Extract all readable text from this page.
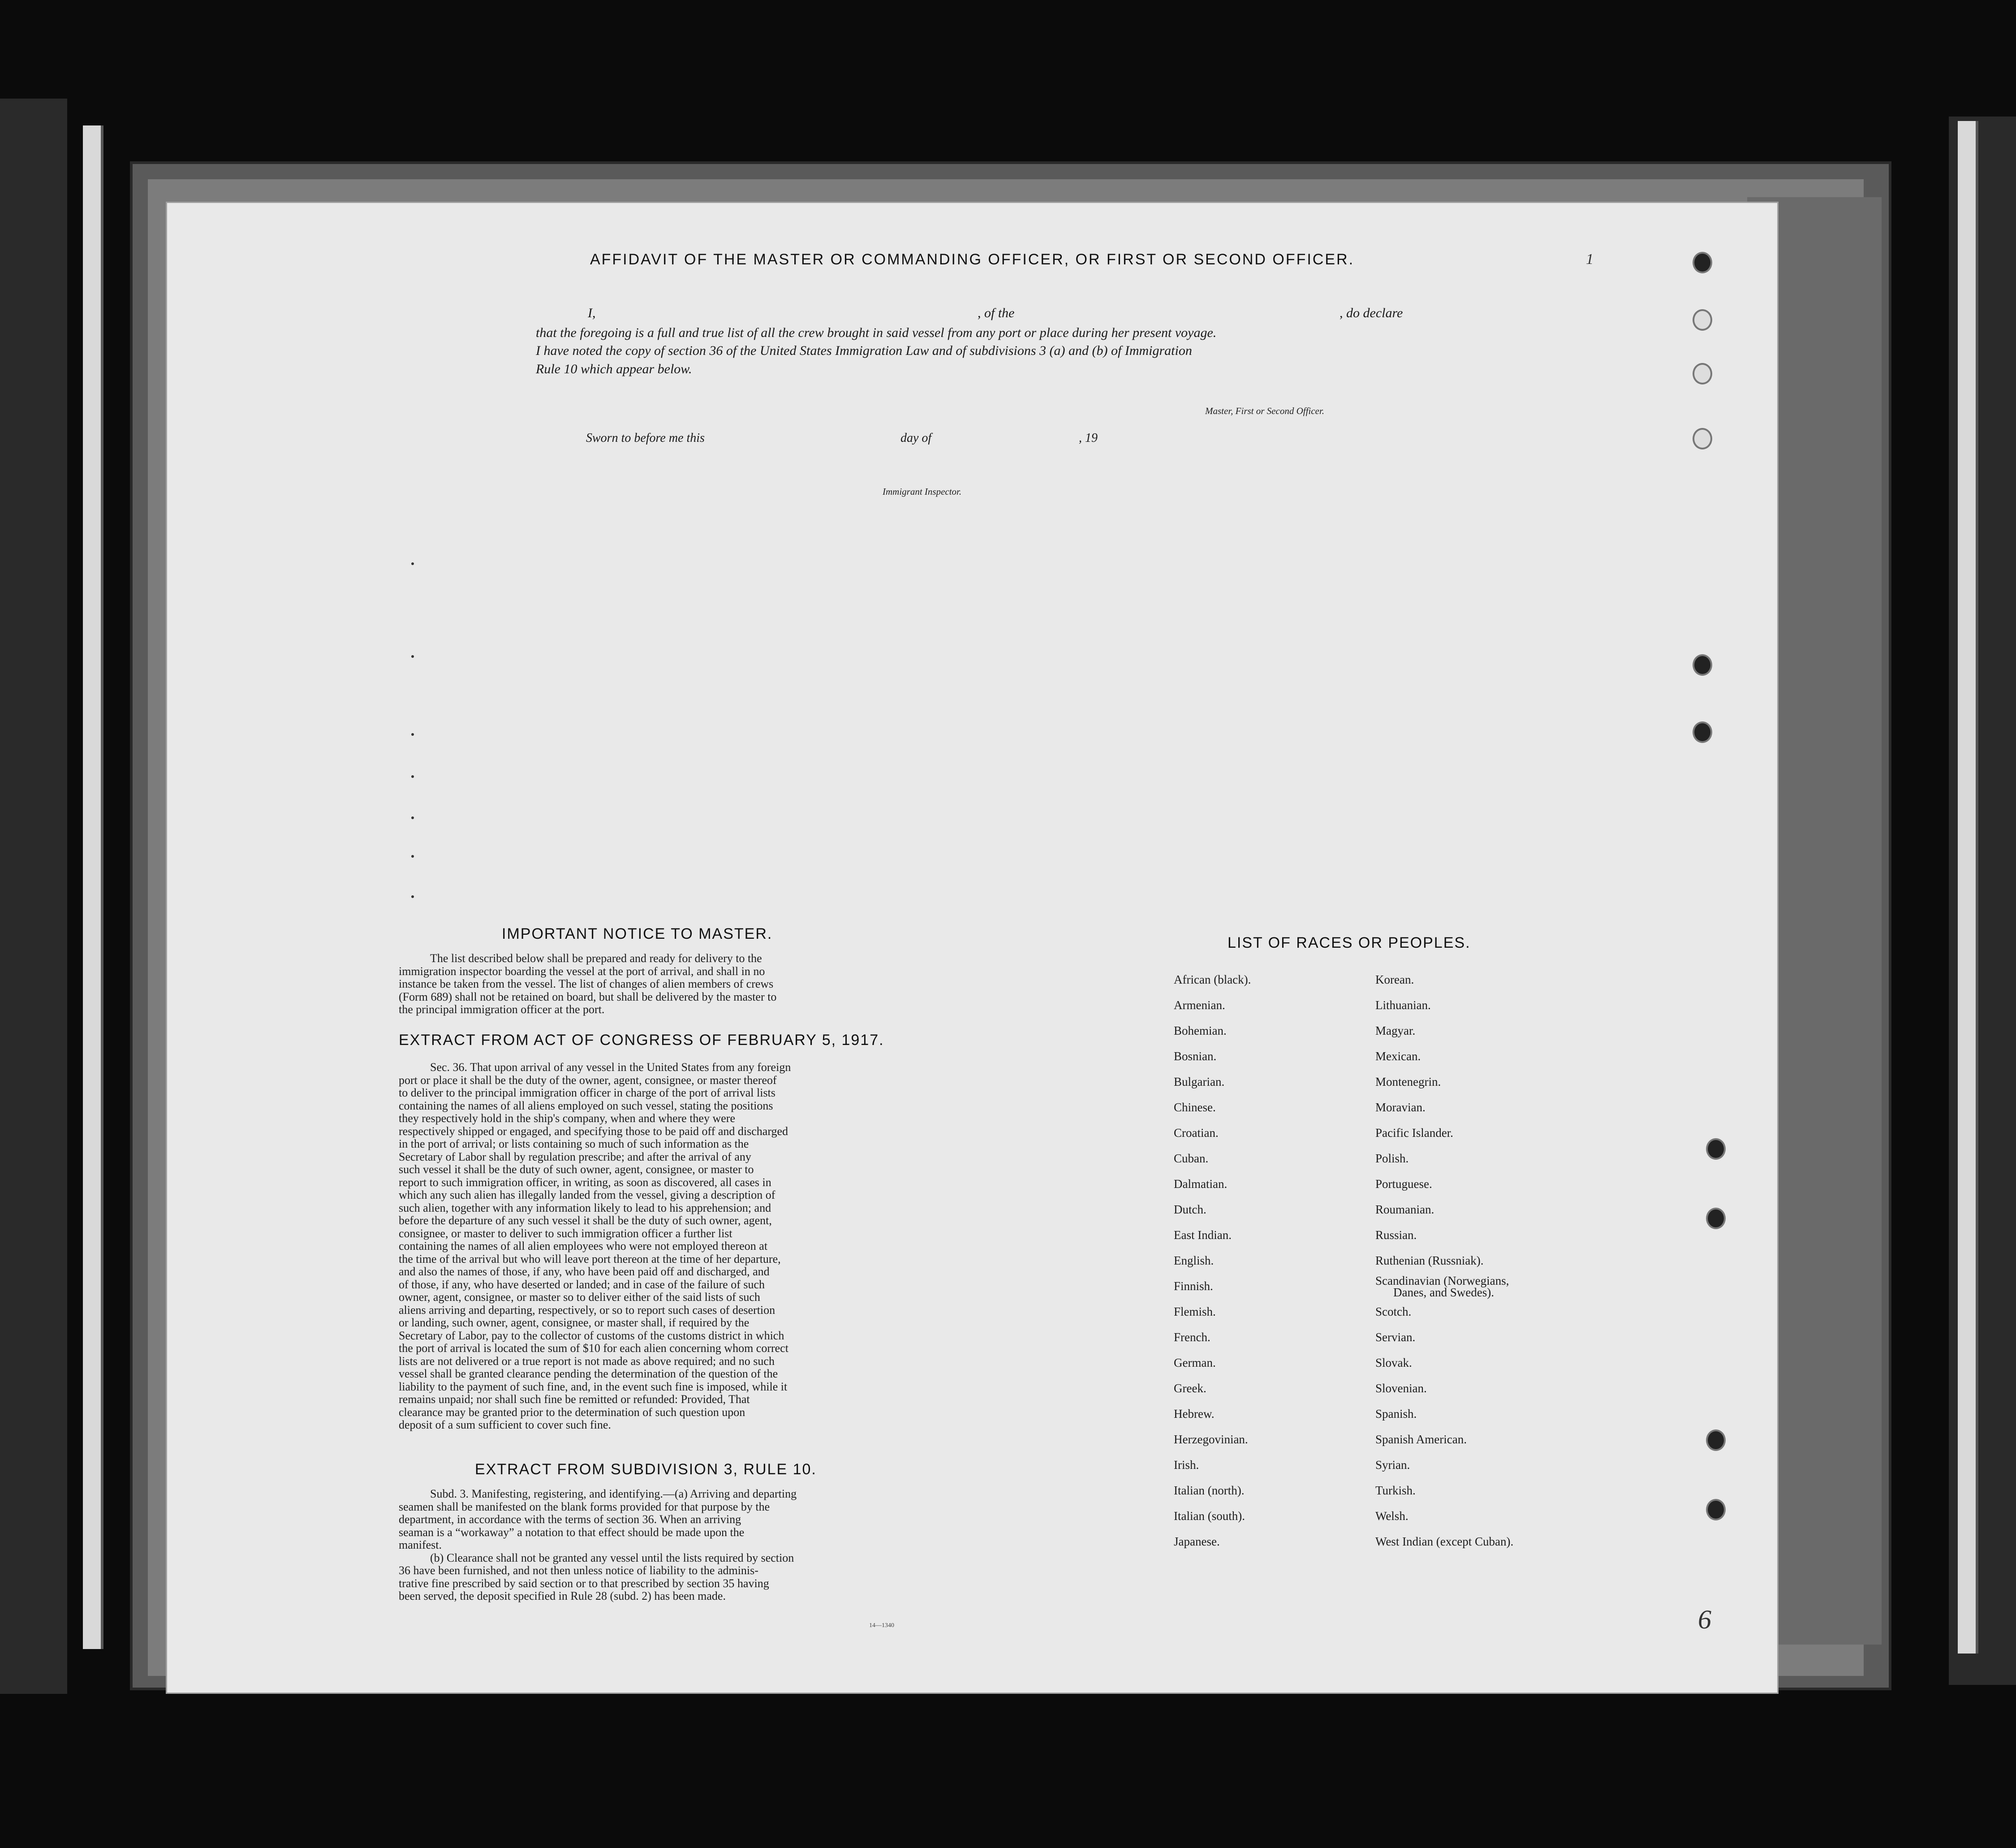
AFFIDAVIT OF THE MASTER OR COMMANDING OFFICER, OR FIRST OR SECOND OFFICER.
I,	, of the	, do declare
that the foregoing is a full and true list of all the crew brought in said vessel from any port or place during her present voyage.
I have noted the copy of section 36 of the United States Immigration Law and of subdivisions 3 (a) and (b) of Immigration
Rule 10 which appear below.
Master, First or Second Officer.
Sworn to before me this	day of	, 19
Immigrant Inspector.
IMPORTANT NOTICE TO MASTER.
The list described below shall be prepared and ready for delivery to the
immigration inspector boarding the vessel at the port of arrival, and shall in no
instance be taken from the vessel. The list of changes of alien members of crews
(Form 689) shall not be retained on board, but shall be delivered by the master to
the principal immigration officer at the port.
EXTRACT FROM ACT OF CONGRESS OF FEBRUARY 5, 1917.
Sec. 36. That upon arrival of any vessel in the United States from any foreign
port or place it shall be the duty of the owner, agent, consignee, or master thereof
to deliver to the principal immigration officer in charge of the port of arrival lists
containing the names of all aliens employed on such vessel, stating the positions
they respectively hold in the ship's company, when and where they were
respectively shipped or engaged, and specifying those to be paid off and discharged
in the port of arrival; or lists containing so much of such information as the
Secretary of Labor shall by regulation prescribe; and after the arrival of any
such vessel it shall be the duty of such owner, agent, consignee, or master to
report to such immigration officer, in writing, as soon as discovered, all cases in
which any such alien has illegally landed from the vessel, giving a description of
such alien, together with any information likely to lead to his apprehension; and
before the departure of any such vessel it shall be the duty of such owner, agent,
consignee, or master to deliver to such immigration officer a further list
containing the names of all alien employees who were not employed thereon at
the time of the arrival but who will leave port thereon at the time of her departure,
and also the names of those, if any, who have been paid off and discharged, and
of those, if any, who have deserted or landed; and in case of the failure of such
owner, agent, consignee, or master so to deliver either of the said lists of such
aliens arriving and departing, respectively, or so to report such cases of desertion
or landing, such owner, agent, consignee, or master shall, if required by the
Secretary of Labor, pay to the collector of customs of the customs district in which
the port of arrival is located the sum of $10 for each alien concerning whom correct
lists are not delivered or a true report is not made as above required; and no such
vessel shall be granted clearance pending the determination of the question of the
liability to the payment of such fine, and, in the event such fine is imposed, while it
remains unpaid; nor shall such fine be remitted or refunded: Provided, That
clearance may be granted prior to the determination of such question upon
deposit of a sum sufficient to cover such fine.
EXTRACT FROM SUBDIVISION 3, RULE 10.
Subd. 3. Manifesting, registering, and identifying.—(a) Arriving and departing
seamen shall be manifested on the blank forms provided for that purpose by the
department, in accordance with the terms of section 36. When an arriving
seaman is a “workaway” a notation to that effect should be made upon the
manifest.
(b) Clearance shall not be granted any vessel until the lists required by section
36 have been furnished, and not then unless notice of liability to the adminis-
trative fine prescribed by said section or to that prescribed by section 35 having
been served, the deposit specified in Rule 28 (subd. 2) has been made.
14—1340
LIST OF RACES OR PEOPLES.
African (black).
Armenian.
Bohemian.
Bosnian.
Bulgarian.
Chinese.
Croatian.
Cuban.
Dalmatian.
Dutch.
East Indian.
English.
Finnish.
Flemish.
French.
German.
Greek.
Hebrew.
Herzegovinian.
Irish.
Italian (north).
Italian (south).
Japanese.
Korean.
Lithuanian.
Magyar.
Mexican.
Montenegrin.
Moravian.
Pacific Islander.
Polish.
Portuguese.
Roumanian.
Russian.
Ruthenian (Russniak).
Scandinavian (Norwegians,
Danes, and Swedes).
Scotch.
Servian.
Slovak.
Slovenian.
Spanish.
Spanish American.
Syrian.
Turkish.
Welsh.
West Indian (except Cuban).
6
1
